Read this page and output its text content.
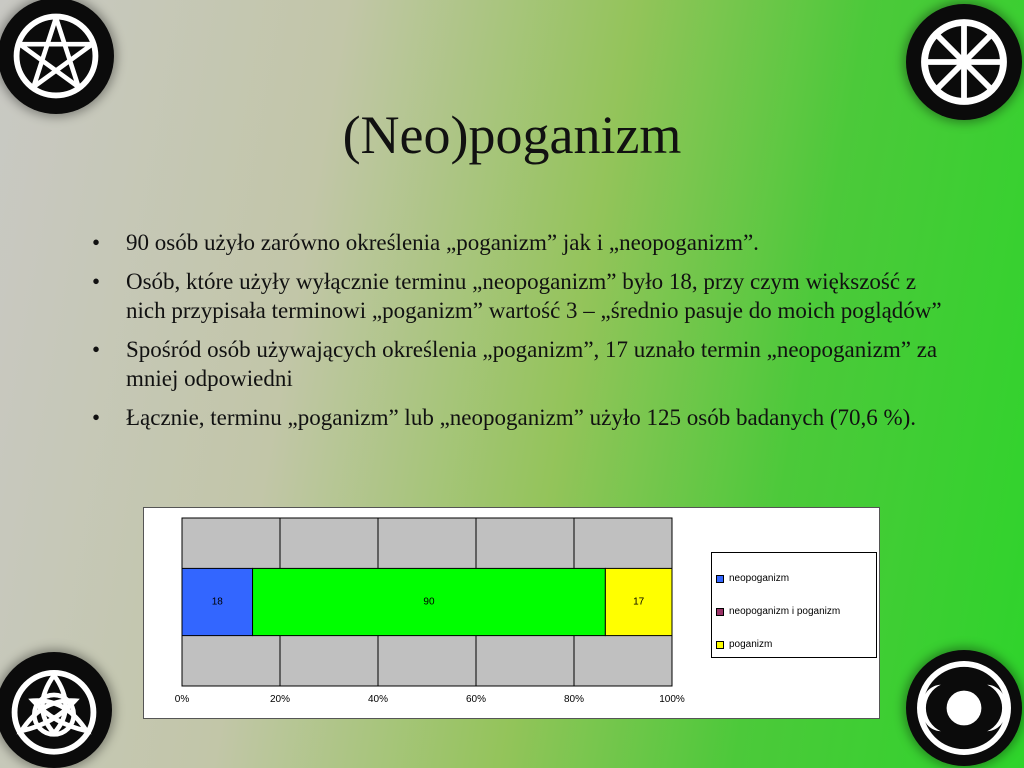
(Neo)poganizm
• 90 osób użyło zarówno określenia „poganizm” jak i „neopoganizm”.
• Osób, które użyły wyłącznie terminu „neopoganizm” było 18, przy czym większość z nich przypisała terminowi „poganizm” wartość 3 – „średnio pasuje do moich poglądów”
• Spośród osób używających określenia „poganizm”, 17 uznało termin „neopoganizm” za mniej odpowiedni
• Łącznie, terminu „poganizm” lub „neopoganizm” użyło 125 osób badanych (70,6 %).
0%	20%	40%	60%	80%	100%
18	90	17
neopoganizm
neopoganizm i poganizm
poganizm
